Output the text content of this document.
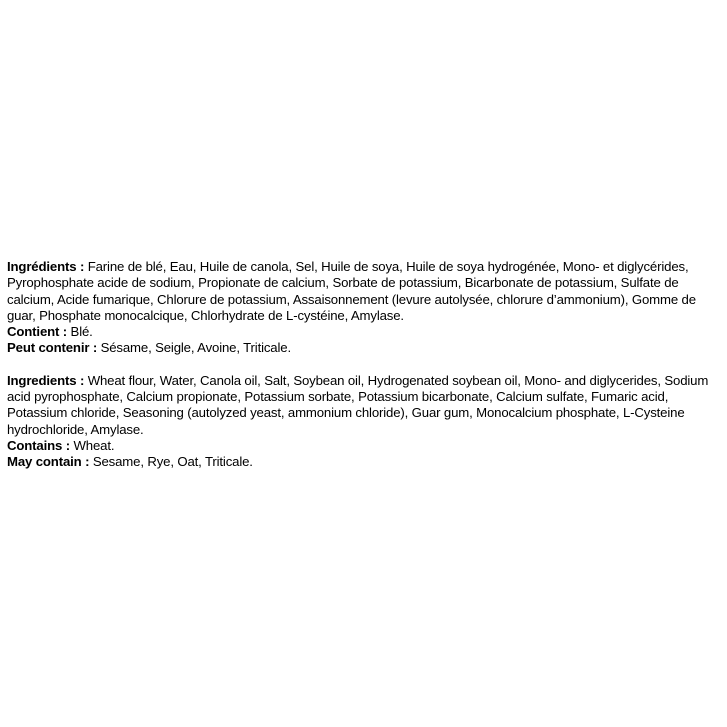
Ingrédients : Farine de blé, Eau, Huile de canola, Sel, Huile de soya, Huile de soya hydrogénée, Mono- et diglycérides, Pyrophosphate acide de sodium, Propionate de calcium, Sorbate de potassium, Bicarbonate de potassium, Sulfate de calcium, Acide fumarique, Chlorure de potassium, Assaisonnement (levure autolysée, chlorure d’ammonium), Gomme de guar, Phosphate monocalcique, Chlorhydrate de L-cystéine, Amylase.

Contient : Blé.

Peut contenir : Sésame, Seigle, Avoine, Triticale.

Ingredients : Wheat flour, Water, Canola oil, Salt, Soybean oil, Hydrogenated soybean oil, Mono- and diglycerides, Sodium acid pyrophosphate, Calcium propionate, Potassium sorbate, Potassium bicarbonate, Calcium sulfate, Fumaric acid, Potassium chloride, Seasoning (autolyzed yeast, ammonium chloride), Guar gum, Monocalcium phosphate, L-Cysteine hydrochloride, Amylase.

Contains : Wheat.

May contain : Sesame, Rye, Oat, Triticale.
